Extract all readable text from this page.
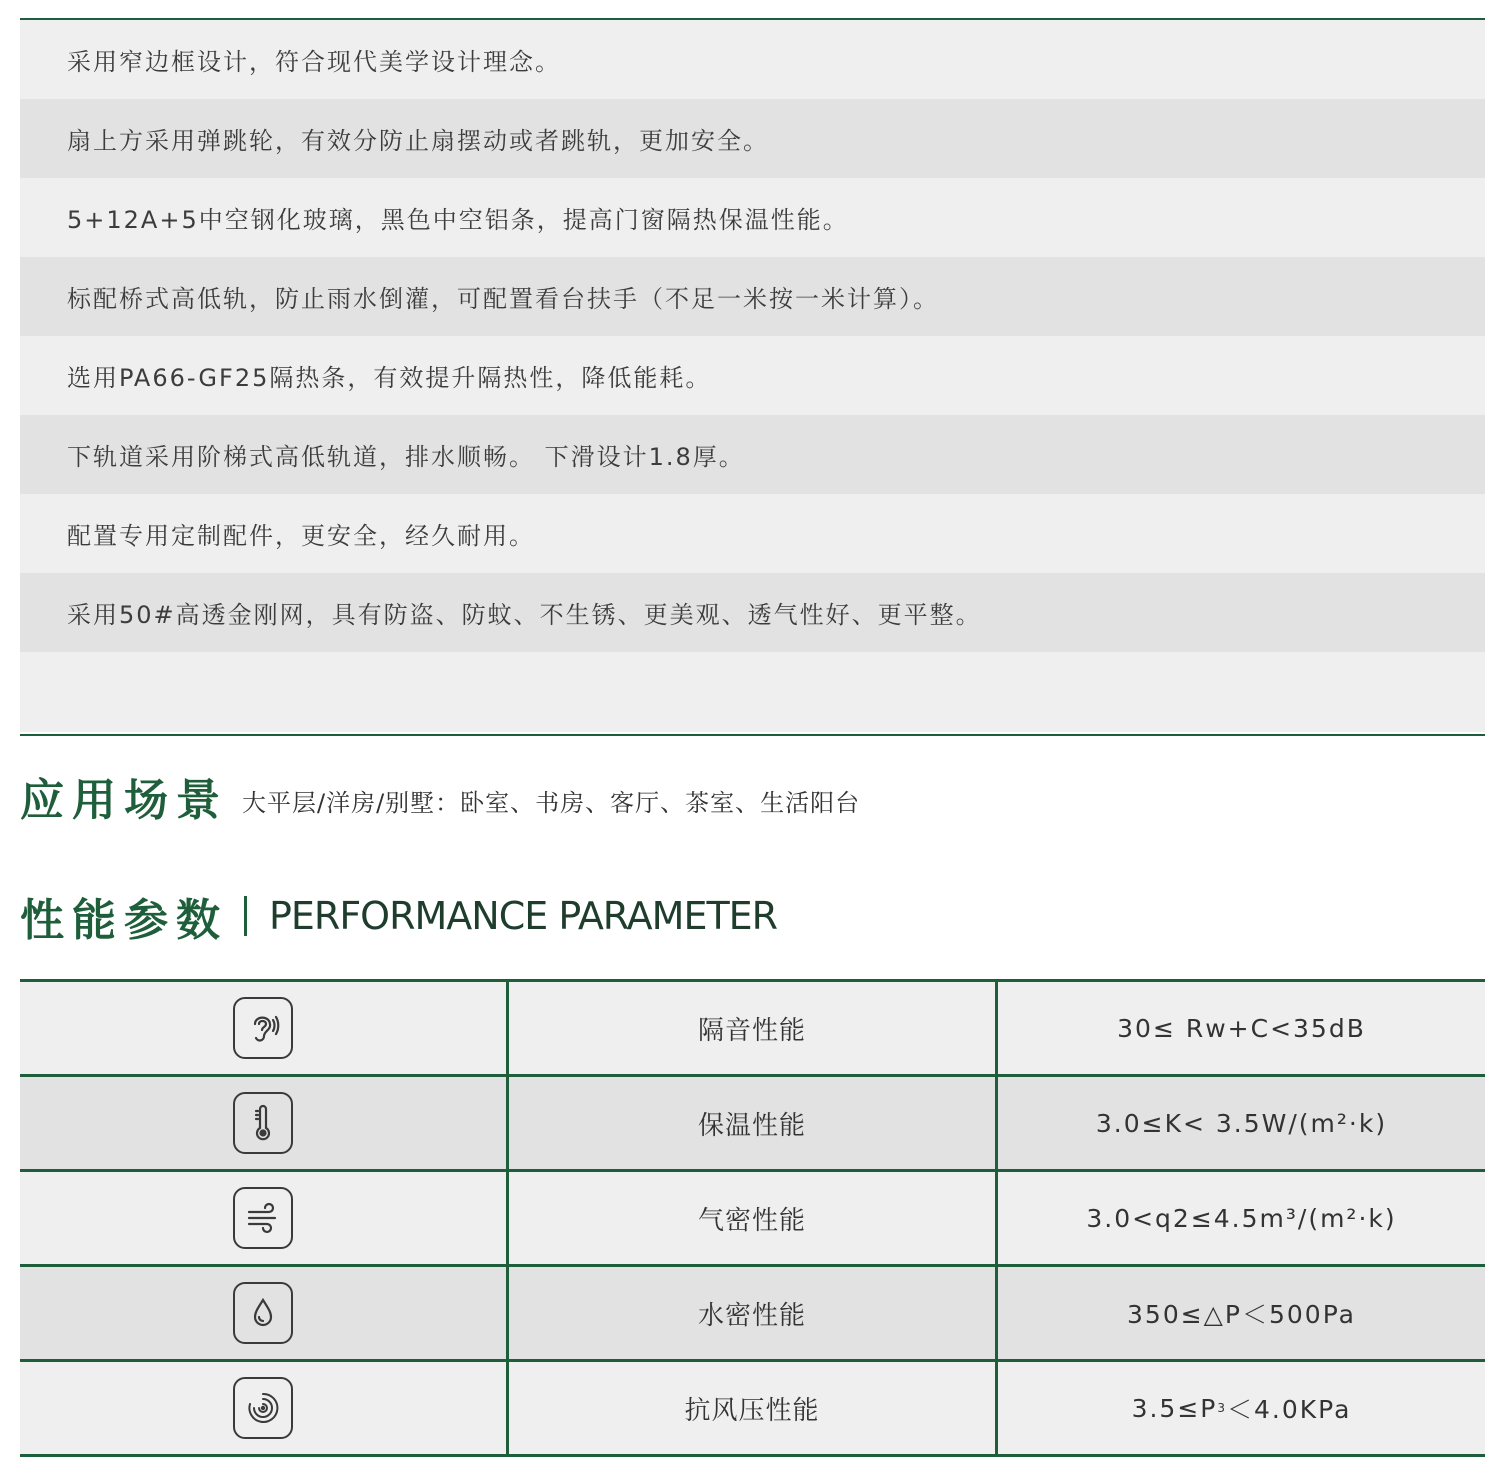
采用窄边框设计，符合现代美学设计理念。
扇上方采用弹跳轮，有效分防止扇摆动或者跳轨，更加安全。
5+12A+5中空钢化玻璃，黑色中空铝条，提高门窗隔热保温性能。
标配桥式高低轨，防止雨水倒灌，可配置看台扶手（不足一米按一米计算）。
选用PA66-GF25隔热条，有效提升隔热性，降低能耗。
下轨道采用阶梯式高低轨道，排水顺畅。 下滑设计1.8厚。
配置专用定制配件，更安全，经久耐用。
采用50#高透金刚网，具有防盗、防蚊、不生锈、更美观、透气性好、更平整。
应用场景 大平层/洋房/别墅：卧室、书房、客厅、茶室、生活阳台
性能参数 PERFORMANCE PARAMETER
隔音性能	30≤ Rw+C<35dB
保温性能	3.0≤K< 3.5W/(m²·k)
气密性能	3.0<q2≤4.5m³/(m²·k)
水密性能	350≤△P＜500Pa
抗风压性能	3.5≤P 3 ＜4.0KPa
